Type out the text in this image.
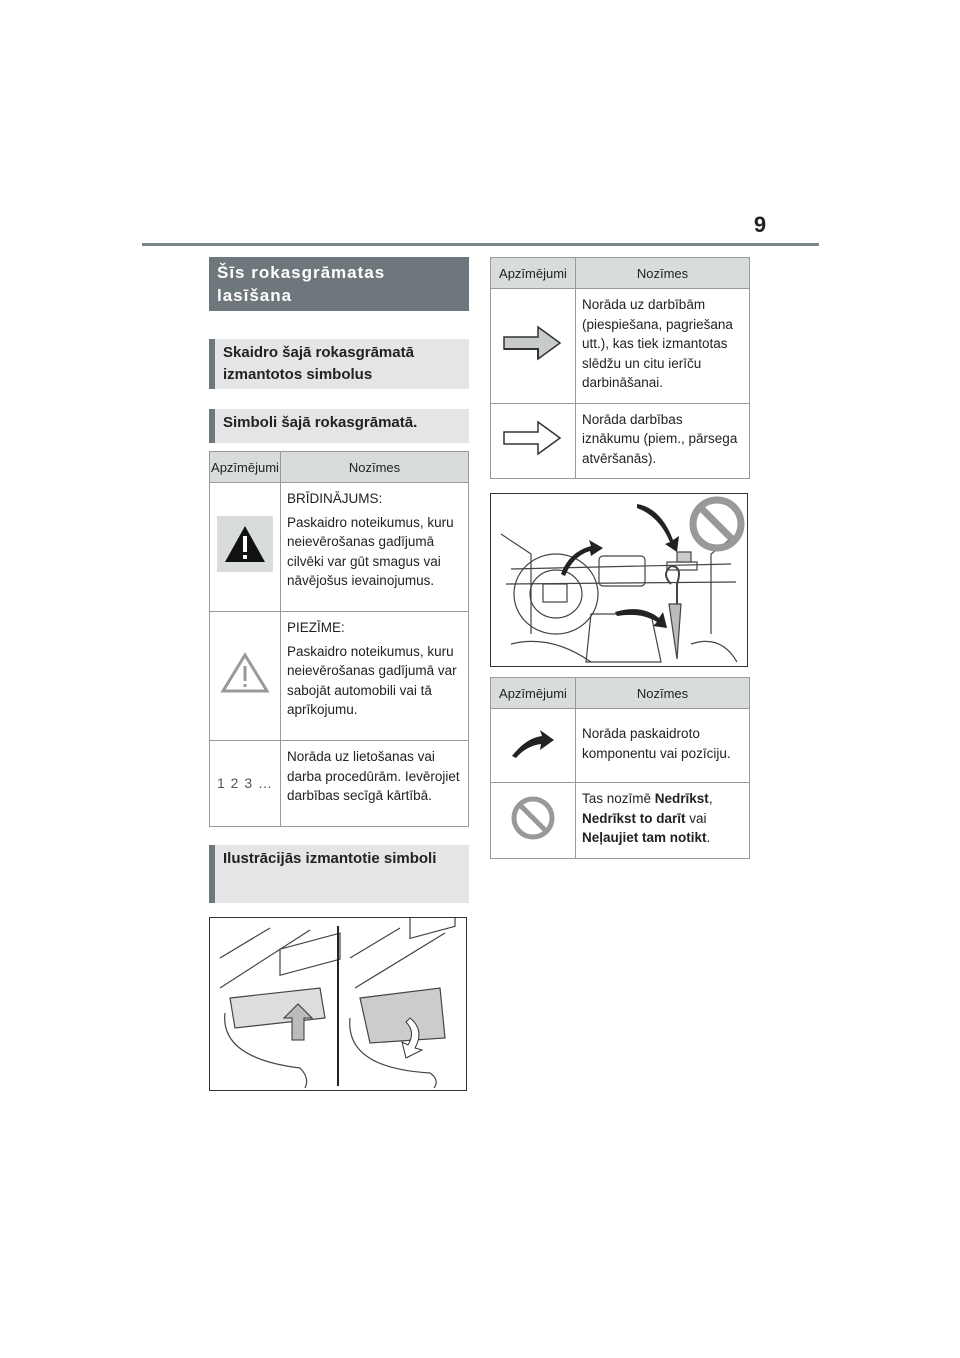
9
Šīs rokasgrāmatas lasīšana
Skaidro šajā rokasgrāmatā izmantotos simbolus
Simboli šajā rokasgrāmatā.
Apzīmējumi	Nozīmes

BRĪDINĀJUMS:

Paskaidro noteikumus, kuru neievērošanas gadījumā cilvēki var gūt smagus vai nāvējošus ievainojumus.

PIEZĪME:

Paskaidro noteikumus, kuru neievērošanas gadījumā var sabojāt automobili vai tā aprīkojumu.

1 2 3 …	Norāda uz lietošanas vai darba procedūrām. Ievērojiet darbības secīgā kārtībā.

Ilustrācijās izmantotie simboli
Apzīmējumi	Nozīmes

Norāda uz darbībām (piespiešana, pagriešana utt.), kas tiek izmantotas slēdžu un citu ierīču darbināšanai.

Norāda darbības iznākumu (piem., pārsega atvēršanās).

Apzīmējumi	Nozīmes

Norāda paskaidroto komponentu vai pozīciju.

Tas nozīmē Nedrīkst, Nedrīkst to darīt vai Neļaujiet tam notikt.
